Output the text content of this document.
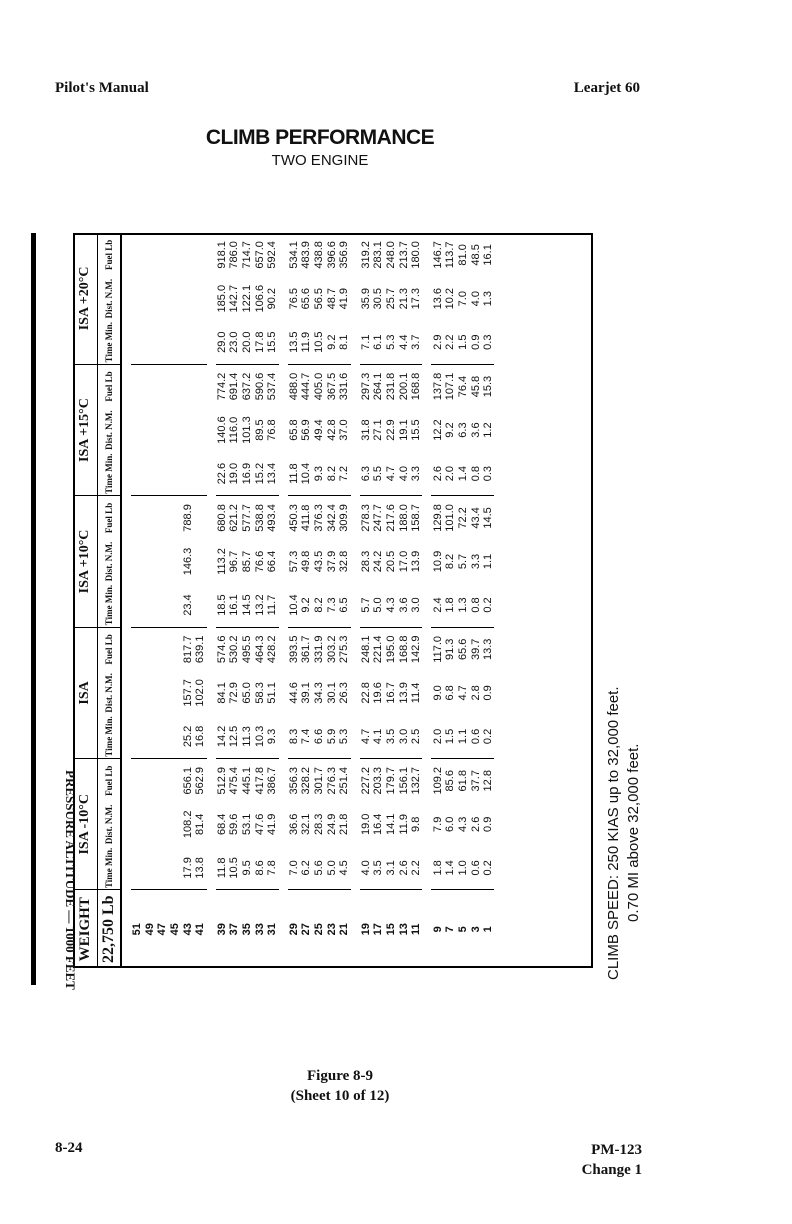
Pilot's Manual	Learjet 60
CLIMB PERFORMANCE
TWO ENGINE
WEIGHT	ISA -10°C			ISA			ISA +10°C			ISA +15°C			ISA +20°C		
22,750 Lb	Time Min.	Dist. N.M.	Fuel Lb	Time Min.	Dist. N.M.	Fuel Lb	Time Min.	Dist. N.M.	Fuel Lb	Time Min.	Dist. N.M.	Fuel Lb	Time Min.	Dist. N.M.	Fuel Lb

51															
49															
47															
45															
43	17.9	108.2	656.1	25.2	157.7	817.7	23.4	146.3	788.9						
41	13.8	81.4	562.9	16.8	102.0	639.1									

39	11.8	68.4	512.9	14.2	84.1	574.6	18.5	113.2	680.8	22.6	140.6	774.2	29.0	185.0	918.1
37	10.5	59.6	475.4	12.5	72.9	530.2	16.1	96.7	621.2	19.0	116.0	691.4	23.0	142.7	786.0
35	9.5	53.1	445.1	11.3	65.0	495.5	14.5	85.7	577.7	16.9	101.3	637.2	20.0	122.1	714.7
33	8.6	47.6	417.8	10.3	58.3	464.3	13.2	76.6	538.8	15.2	89.5	590.6	17.8	106.6	657.0
31	7.8	41.9	386.7	9.3	51.1	428.2	11.7	66.4	493.4	13.4	76.8	537.4	15.5	90.2	592.4

29	7.0	36.6	356.3	8.3	44.6	393.5	10.4	57.3	450.3	11.8	65.8	488.0	13.5	76.5	534.1
27	6.2	32.1	328.2	7.4	39.1	361.7	9.2	49.8	411.8	10.4	56.9	444.7	11.9	65.6	483.9
25	5.6	28.3	301.7	6.6	34.3	331.9	8.2	43.5	376.3	9.3	49.4	405.0	10.5	56.5	438.8
23	5.0	24.9	276.3	5.9	30.1	303.2	7.3	37.9	342.4	8.2	42.8	367.5	9.2	48.7	396.6
21	4.5	21.8	251.4	5.3	26.3	275.3	6.5	32.8	309.9	7.2	37.0	331.6	8.1	41.9	356.9

19	4.0	19.0	227.2	4.7	22.8	248.1	5.7	28.3	278.3	6.3	31.8	297.3	7.1	35.9	319.2
17	3.5	16.4	203.3	4.1	19.6	221.4	5.0	24.2	247.7	5.5	27.1	264.1	6.1	30.5	283.1
15	3.1	14.1	179.7	3.5	16.7	195.0	4.3	20.5	217.6	4.7	22.9	231.8	5.3	25.7	248.0
13	2.6	11.9	156.1	3.0	13.9	168.8	3.6	17.0	188.0	4.0	19.1	200.1	4.4	21.3	213.7
11	2.2	9.8	132.7	2.5	11.4	142.9	3.0	13.9	158.7	3.3	15.5	168.8	3.7	17.3	180.0

9	1.8	7.9	109.2	2.0	9.0	117.0	2.4	10.9	129.8	2.6	12.2	137.8	2.9	13.6	146.7
7	1.4	6.0	85.6	1.5	6.8	91.3	1.8	8.2	101.0	2.0	9.2	107.1	2.2	10.2	113.7
5	1.0	4.3	61.8	1.1	4.7	65.6	1.3	5.7	72.2	1.4	6.3	76.4	1.5	7.0	81.0
3	0.6	2.6	37.7	0.6	2.8	39.7	0.8	3.3	43.4	0.8	3.6	45.8	0.9	4.0	48.5
1	0.2	0.9	12.8	0.2	0.9	13.3	0.2	1.1	14.5	0.3	1.2	15.3	0.3	1.3	16.1
CLIMB SPEED: 250 KIAS up to 32,000 feet. 0.70 MI above 32,000 feet.
Figure 8-9
(Sheet 10 of 12)
8-24	PM-123
Change 1
PRESSURE ALTITUDE — 1000 FEET
